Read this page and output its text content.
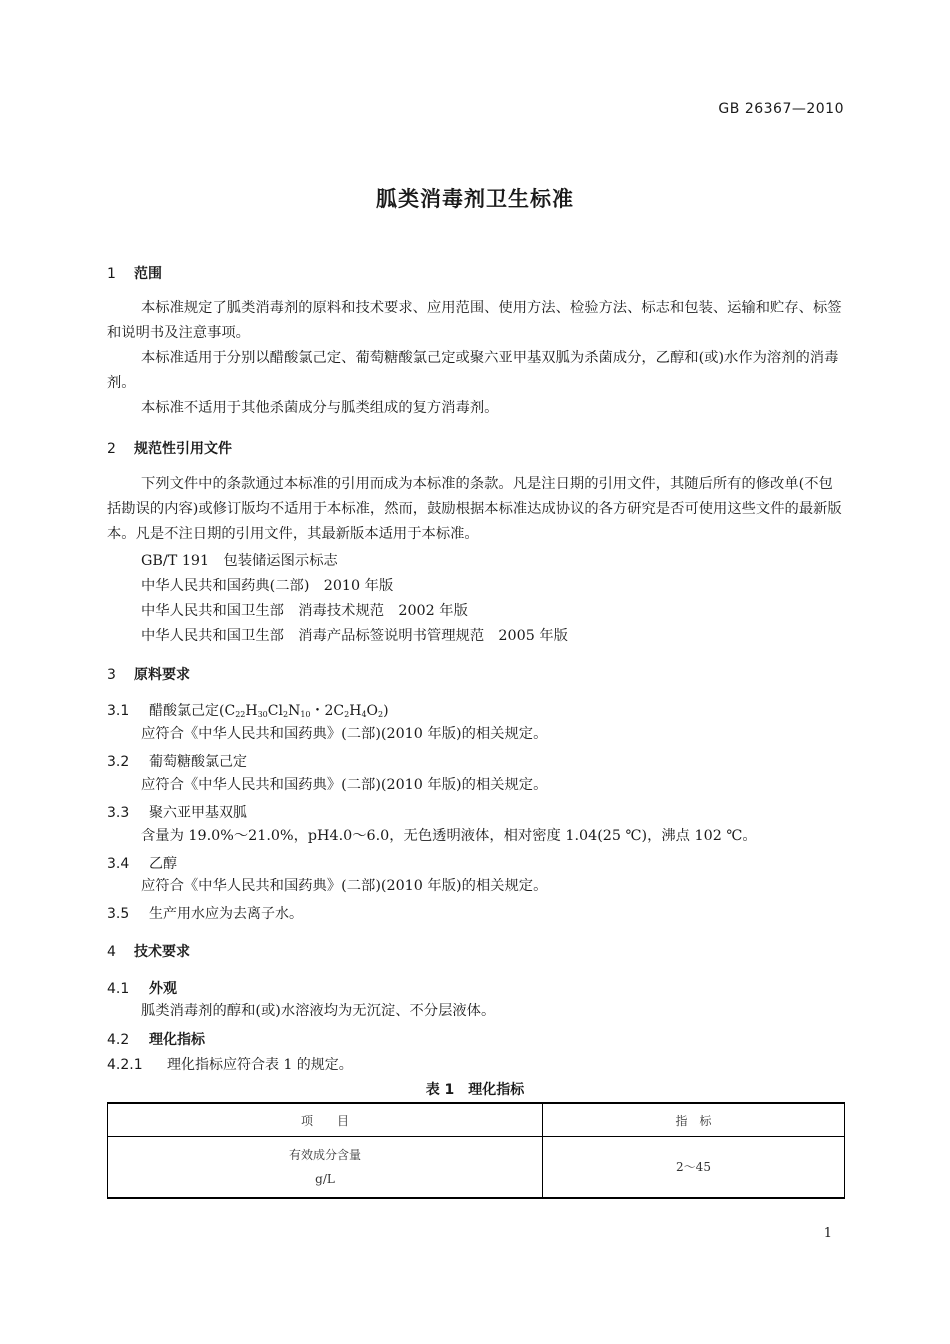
GB 26367—2010
胍类消毒剂卫生标准
1 范围
本标准规定了胍类消毒剂的原料和技术要求、应用范围、使用方法、检验方法、标志和包装、运输和贮存、标签和说明书及注意事项。
本标准适用于分别以醋酸氯己定、葡萄糖酸氯己定或聚六亚甲基双胍为杀菌成分，乙醇和(或)水作为溶剂的消毒剂。
本标准不适用于其他杀菌成分与胍类组成的复方消毒剂。
2 规范性引用文件
下列文件中的条款通过本标准的引用而成为本标准的条款。凡是注日期的引用文件，其随后所有的修改单(不包括勘误的内容)或修订版均不适用于本标准，然而，鼓励根据本标准达成协议的各方研究是否可使用这些文件的最新版本。凡是不注日期的引用文件，其最新版本适用于本标准。
GB/T 191　包装储运图示标志
中华人民共和国药典(二部)　2010 年版
中华人民共和国卫生部　消毒技术规范　2002 年版
中华人民共和国卫生部　消毒产品标签说明书管理规范　2005 年版
3 原料要求
3.1 醋酸氯己定($C_{22}H_{30}Cl_2N_{10}$・$2C_2H_4O_2$)
应符合《中华人民共和国药典》(二部)(2010 年版)的相关规定。
3.2 葡萄糖酸氯己定
应符合《中华人民共和国药典》(二部)(2010 年版)的相关规定。
3.3 聚六亚甲基双胍
含量为 19.0%～21.0%，pH4.0～6.0，无色透明液体，相对密度 1.04(25 ℃)，沸点 102 ℃。
3.4 乙醇
应符合《中华人民共和国药典》(二部)(2010 年版)的相关规定。
3.5 生产用水应为去离子水。
4 技术要求
4.1 外观
胍类消毒剂的醇和(或)水溶液均为无沉淀、不分层液体。
4.2 理化指标
4.2.1 理化指标应符合表 1 的规定。
表 1　理化指标
项　　目	指　标
有效成分含量
g/L	2～45
1
